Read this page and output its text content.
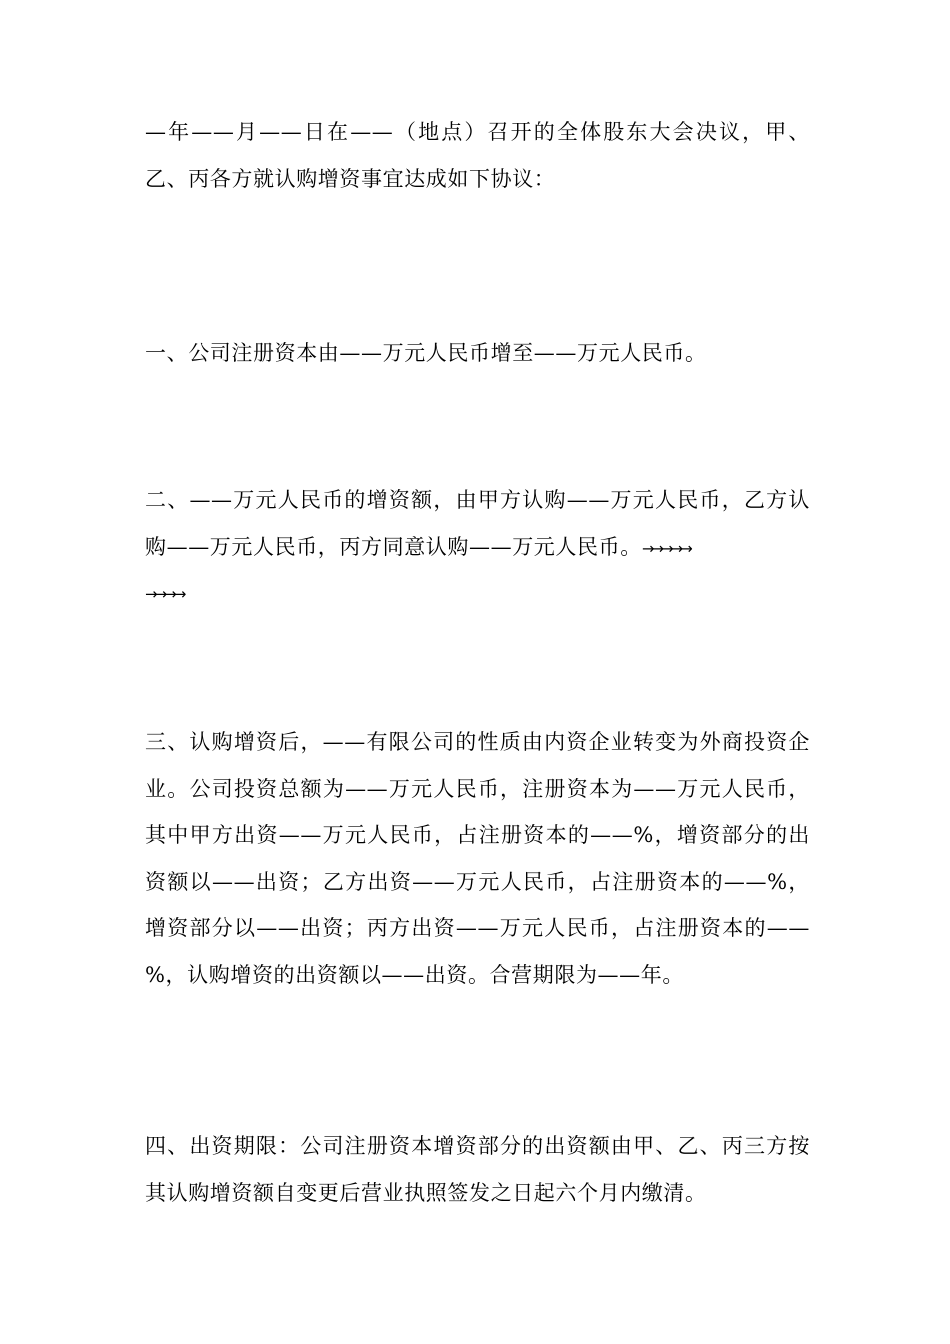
—年——月——日在——（地点）召开的全体股东大会决议，甲、乙、丙各方就认购增资事宜达成如下协议：

一、公司注册资本由——万元人民币增至——万元人民币。

二、——万元人民币的增资额，由甲方认购——万元人民币，乙方认购——万元人民币，丙方同意认购——万元人民币。→→→→→
→→→→

三、认购增资后，——有限公司的性质由内资企业转变为外商投资企业。公司投资总额为——万元人民币，注册资本为——万元人民币，其中甲方出资——万元人民币，占注册资本的——%，增资部分的出资额以——出资；乙方出资——万元人民币，占注册资本的——%，增资部分以——出资；丙方出资——万元人民币，占注册资本的——%，认购增资的出资额以——出资。合营期限为——年。

四、出资期限：公司注册资本增资部分的出资额由甲、乙、丙三方按其认购增资额自变更后营业执照签发之日起六个月内缴清。
